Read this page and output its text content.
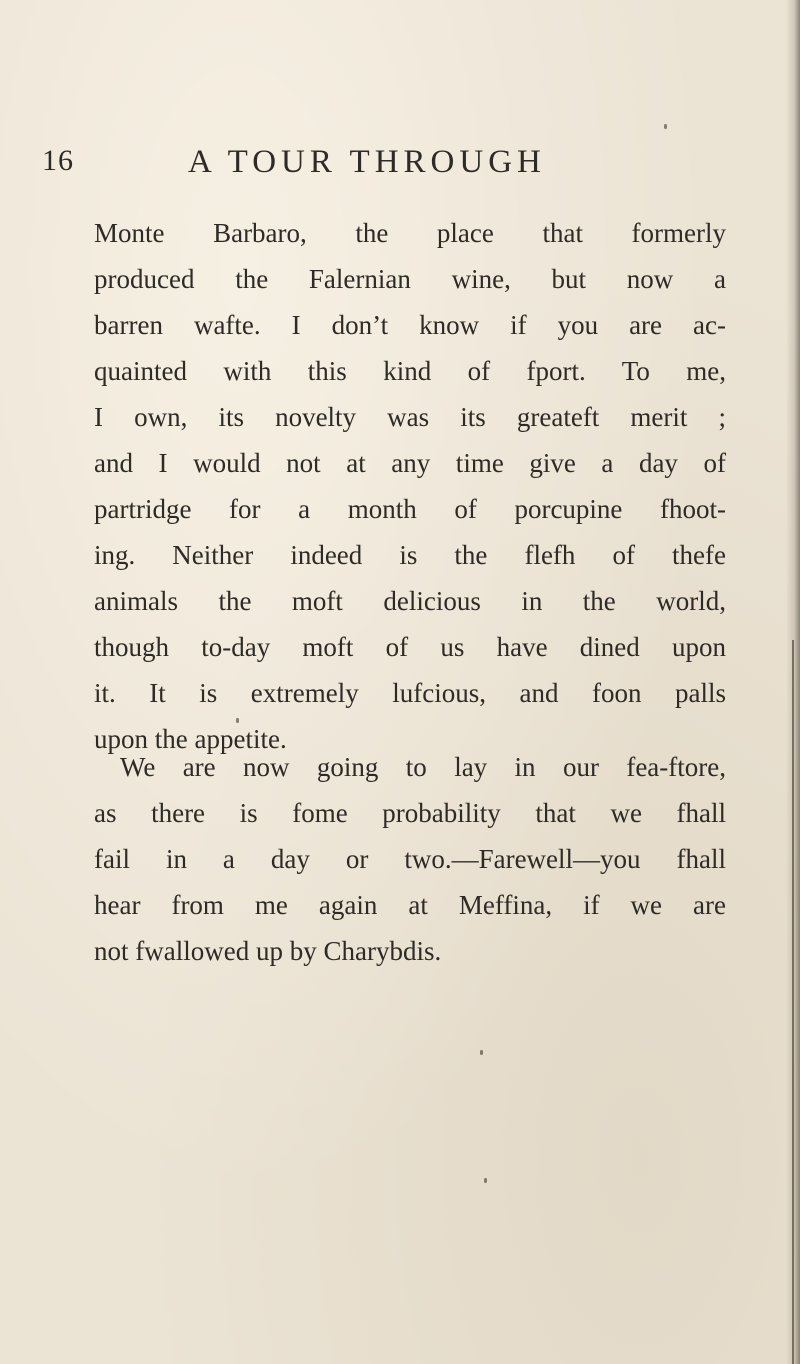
16	A TOUR THROUGH
Monte Barbaro, the place that formerly
produced the Falernian wine, but now a
barren wafte. I don’t know if you are ac-
quainted with this kind of fport. To me,
I own, its novelty was its greateft merit ;
and I would not at any time give a day of
partridge for a month of porcupine fhoot-
ing. Neither indeed is the flefh of thefe
animals the moft delicious in the world,
though to-day moft of us have dined upon
it. It is extremely lufcious, and foon palls
upon the appetite.
We are now going to lay in our fea-ftore,
as there is fome probability that we fhall
fail in a day or two.—Farewell—you fhall
hear from me again at Meffina, if we are
not fwallowed up by Charybdis.
